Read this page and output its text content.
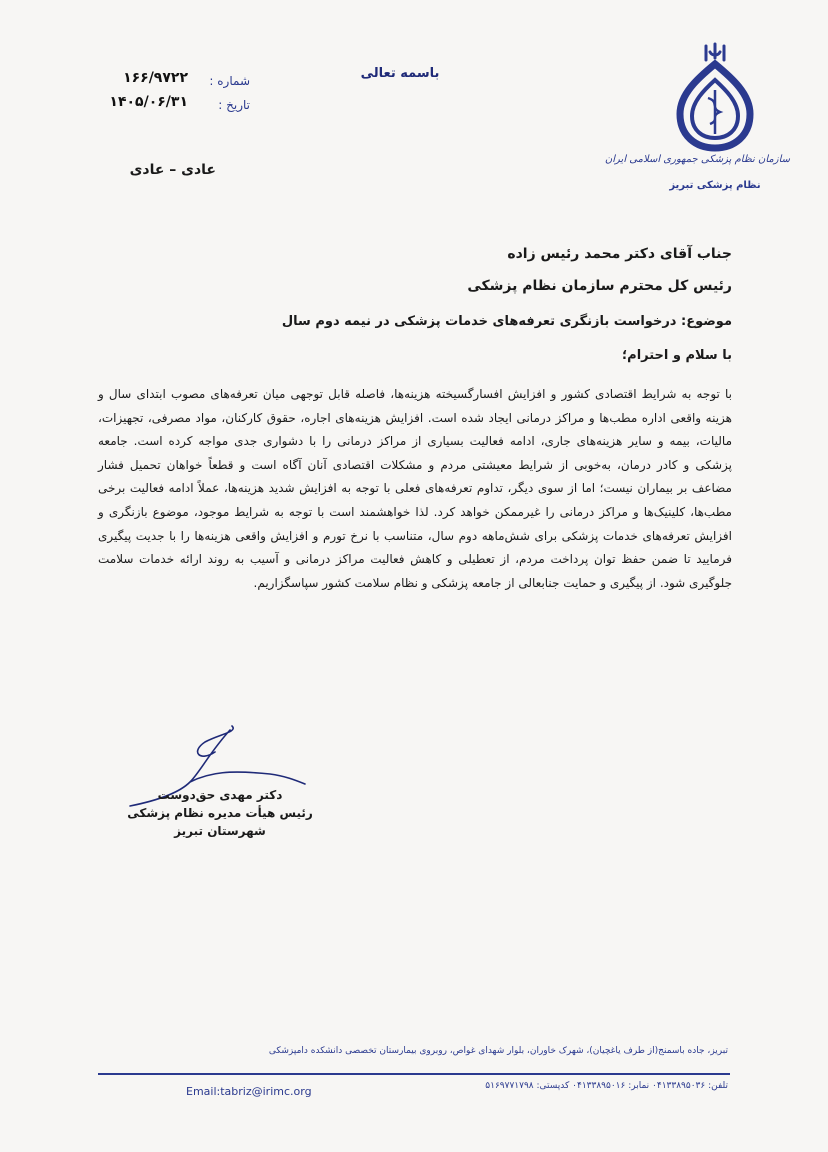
سازمان نظام پزشکی جمهوری اسلامی ایران
نظام پزشکی تبریز
باسمه تعالی
شماره :
۱۶۶/۹۷۲۲
تاریخ :
۱۴۰۵/۰۶/۳۱
عادی – عادی
جناب آقای دکتر محمد رئیس زاده
رئیس کل محترم سازمان نظام پزشکی
موضوع: درخواست بازنگری تعرفه‌های خدمات پزشکی در نیمه دوم سال
با سلام و احترام؛
با توجه به شرایط اقتصادی کشور و افزایش افسارگسیخته هزینه‌ها، فاصله قابل توجهی میان تعرفه‌های مصوب ابتدای سال و هزینه واقعی اداره مطب‌ها و مراکز درمانی ایجاد شده است. افزایش هزینه‌های اجاره، حقوق کارکنان، مواد مصرفی، تجهیزات، مالیات، بیمه و سایر هزینه‌های جاری، ادامه فعالیت بسیاری از مراکز درمانی را با دشواری جدی مواجه کرده است. جامعه پزشکی و کادر درمان، به‌خوبی از شرایط معیشتی مردم و مشکلات اقتصادی آنان آگاه است و قطعاً خواهان تحمیل فشار مضاعف بر بیماران نیست؛ اما از سوی دیگر، تداوم تعرفه‌های فعلی با توجه به افزایش شدید هزینه‌ها، عملاً ادامه فعالیت برخی مطب‌ها، کلینیک‌ها و مراکز درمانی را غیرممکن خواهد کرد. لذا خواهشمند است با توجه به شرایط موجود، موضوع بازنگری و افزایش تعرفه‌های خدمات پزشکی برای شش‌ماهه دوم سال، متناسب با نرخ تورم و افزایش واقعی هزینه‌ها را با جدیت پیگیری فرمایید تا ضمن حفظ توان پرداخت مردم، از تعطیلی و کاهش فعالیت مراکز درمانی و آسیب به روند ارائه خدمات سلامت جلوگیری شود. از پیگیری و حمایت جنابعالی از جامعه پزشکی و نظام سلامت کشور سپاسگزاریم.
دکتر مهدی حق‌دوست
رئیس هیأت مدیره نظام پزشکی
شهرستان تبریز
تبریز، جاده باسمنج(از طرف یاغچیان)، شهرک خاوران، بلوار شهدای غواص، روبروی بیمارستان تخصصی دانشکده دامپزشکی
Email:tabriz@irimc.org	تلفن: ۰۴۱۳۳۸۹۵۰۳۶ نمابر: ۰۴۱۳۳۸۹۵۰۱۶ کدپستی: ۵۱۶۹۷۷۱۷۹۸
